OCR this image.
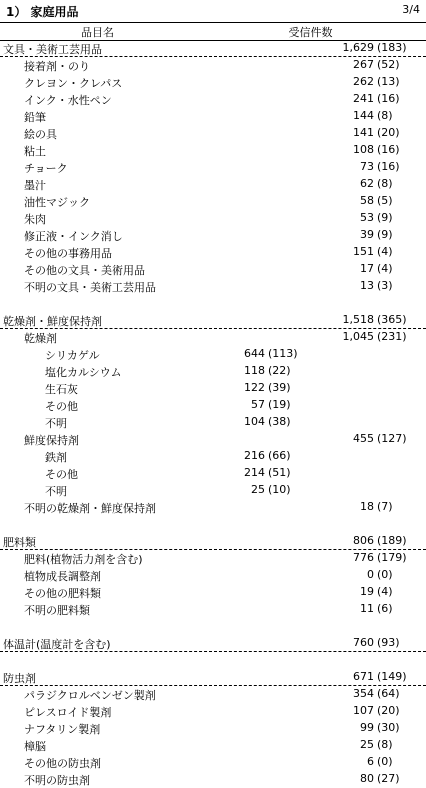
1） 家庭用品	3/4
品目名	受信件数
文具・美術工芸用品	1,629 (183)
接着剤・のり	267 (52)
クレヨン・クレパス	262 (13)
インク・水性ペン	241 (16)
鉛筆	144 (8)
絵の具	141 (20)
粘土	108 (16)
チョーク	73 (16)
墨汁	62 (8)
油性マジック	58 (5)
朱肉	53 (9)
修正液・インク消し	39 (9)
その他の事務用品	151 (4)
その他の文具・美術用品	17 (4)
不明の文具・美術工芸用品	13 (3)
乾燥剤・鮮度保持剤	1,518 (365)
乾燥剤	1,045 (231)
シリカゲル	644 (113)
塩化カルシウム	118 (22)
生石灰	122 (39)
その他	57 (19)
不明	104 (38)
鮮度保持剤	455 (127)
鉄剤	216 (66)
その他	214 (51)
不明	25 (10)
不明の乾燥剤・鮮度保持剤	18 (7)
肥料類	806 (189)
肥料(植物活力剤を含む)	776 (179)
植物成長調整剤	0 (0)
その他の肥料類	19 (4)
不明の肥料類	11 (6)
体温計(温度計を含む)	760 (93)
防虫剤	671 (149)
パラジクロルベンゼン製剤	354 (64)
ピレスロイド製剤	107 (20)
ナフタリン製剤	99 (30)
樟脳	25 (8)
その他の防虫剤	6 (0)
不明の防虫剤	80 (27)
